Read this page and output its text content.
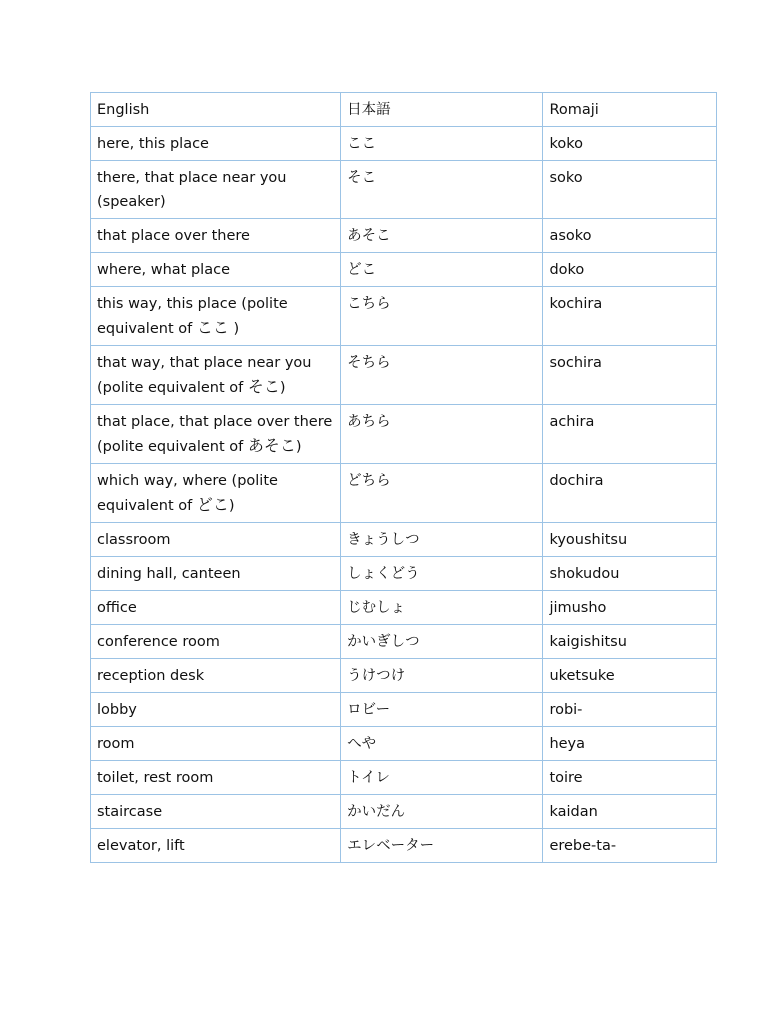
English	日本語	Romaji
here, this place	ここ	koko
there, that place near you (speaker)	そこ	soko
that place over there	あそこ	asoko
where, what place	どこ	doko
this way, this place (polite equivalent of ここ )	こちら	kochira
that way, that place near you (polite equivalent of そこ)	そちら	sochira
that place, that place over there (polite equivalent of あそこ)	あちら	achira
which way, where (polite equivalent of どこ)	どちら	dochira
classroom	きょうしつ	kyoushitsu
dining hall, canteen	しょくどう	shokudou
office	じむしょ	jimusho
conference room	かいぎしつ	kaigishitsu
reception desk	うけつけ	uketsuke
lobby	ロビー	robi-
room	へや	heya
toilet, rest room	トイレ	toire
staircase	かいだん	kaidan
elevator, lift	エレベーター	erebe-ta-
